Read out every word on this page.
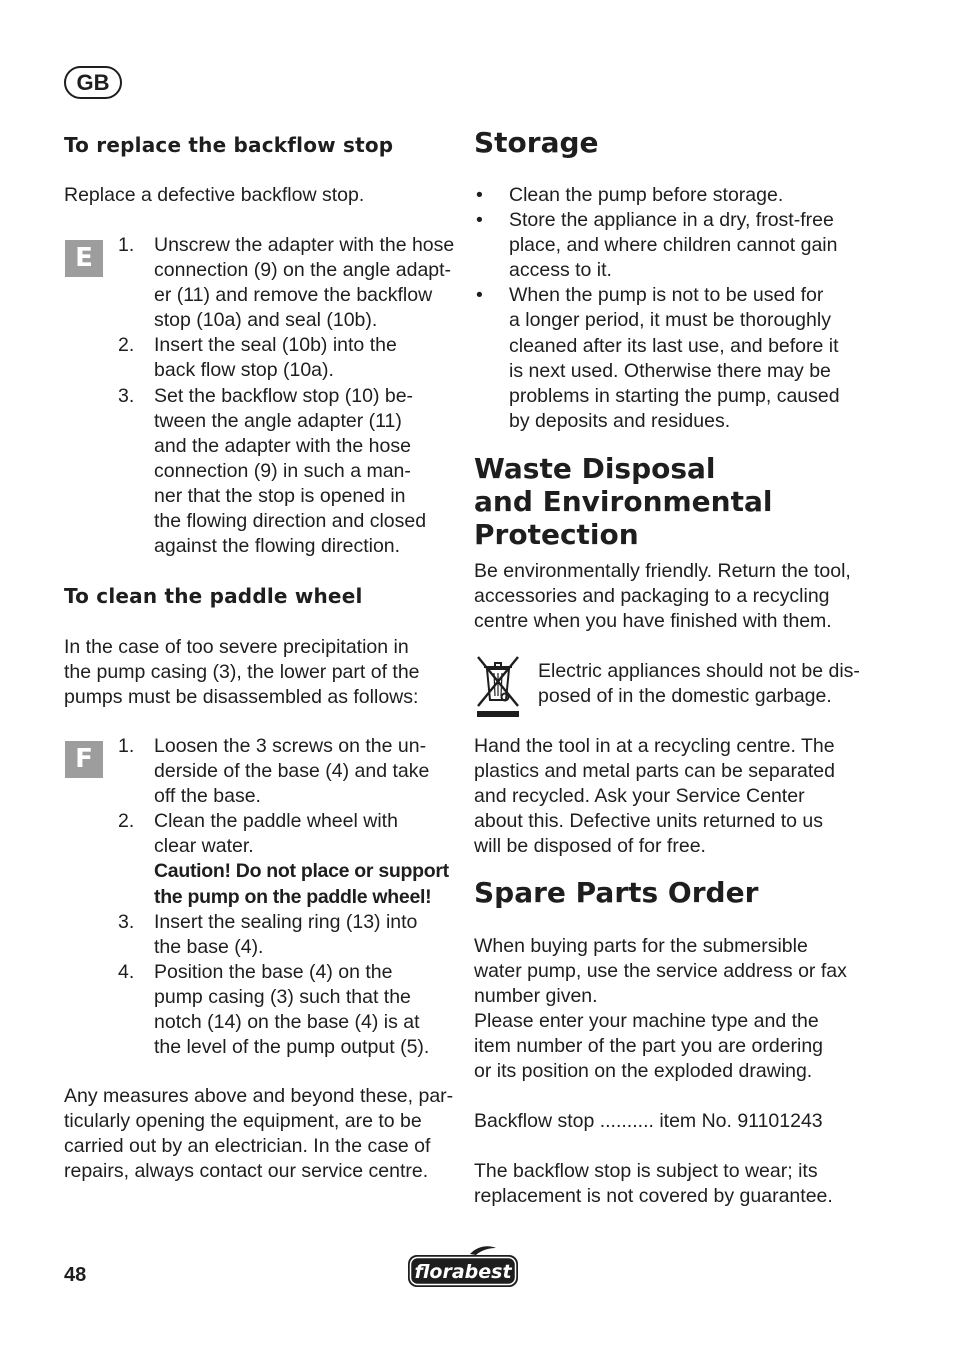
GB
To replace the backflow stop
Replace a defective backflow stop.
E	1. Unscrew the adapter with the hose
connection (9) on the angle adapt-
er (11) and remove the backflow
stop (10a) and seal (10b).
2. Insert the seal (10b) into the
back flow stop (10a).
3. Set the backflow stop (10) be-
tween the angle adapter (11)
and the adapter with the hose
connection (9) in such a man-
ner that the stop is opened in
the flowing direction and closed
against the flowing direction.
To clean the paddle wheel
In the case of too severe precipitation in
the pump casing (3), the lower part of the
pumps must be disassembled as follows:
F	1. Loosen the 3 screws on the un-
derside of the base (4) and take
off the base.
2. Clean the paddle wheel with
clear water.
Caution! Do not place or support
the pump on the paddle wheel!
3. Insert the sealing ring (13) into
the base (4).
4. Position the base (4) on the
pump casing (3) such that the
notch (14) on the base (4) is at
the level of the pump output (5).
Any measures above and beyond these, par-
ticularly opening the equipment, are to be
carried out by an electrician. In the case of
repairs, always contact our service centre.
Storage
• Clean the pump before storage.
• Store the appliance in a dry, frost-free
place, and where children cannot gain
access to it.
• When the pump is not to be used for
a longer period, it must be thoroughly
cleaned after its last use, and before it
is next used. Otherwise there may be
problems in starting the pump, caused
by deposits and residues.
Waste Disposal
and Environmental
Protection
Be environmentally friendly. Return the tool,
accessories and packaging to a recycling
centre when you have finished with them.
Electric appliances should not be dis-
posed of in the domestic garbage.
Hand the tool in at a recycling centre. The
plastics and metal parts can be separated
and recycled. Ask your Service Center
about this. Defective units returned to us
will be disposed of for free.
Spare Parts Order
When buying parts for the submersible
water pump, use the service address or fax
number given.
Please enter your machine type and the
item number of the part you are ordering
or its position on the exploded drawing.
Backflow stop .......... item No. 91101243
The backflow stop is subject to wear; its
replacement is not covered by guarantee.
48	florabest
